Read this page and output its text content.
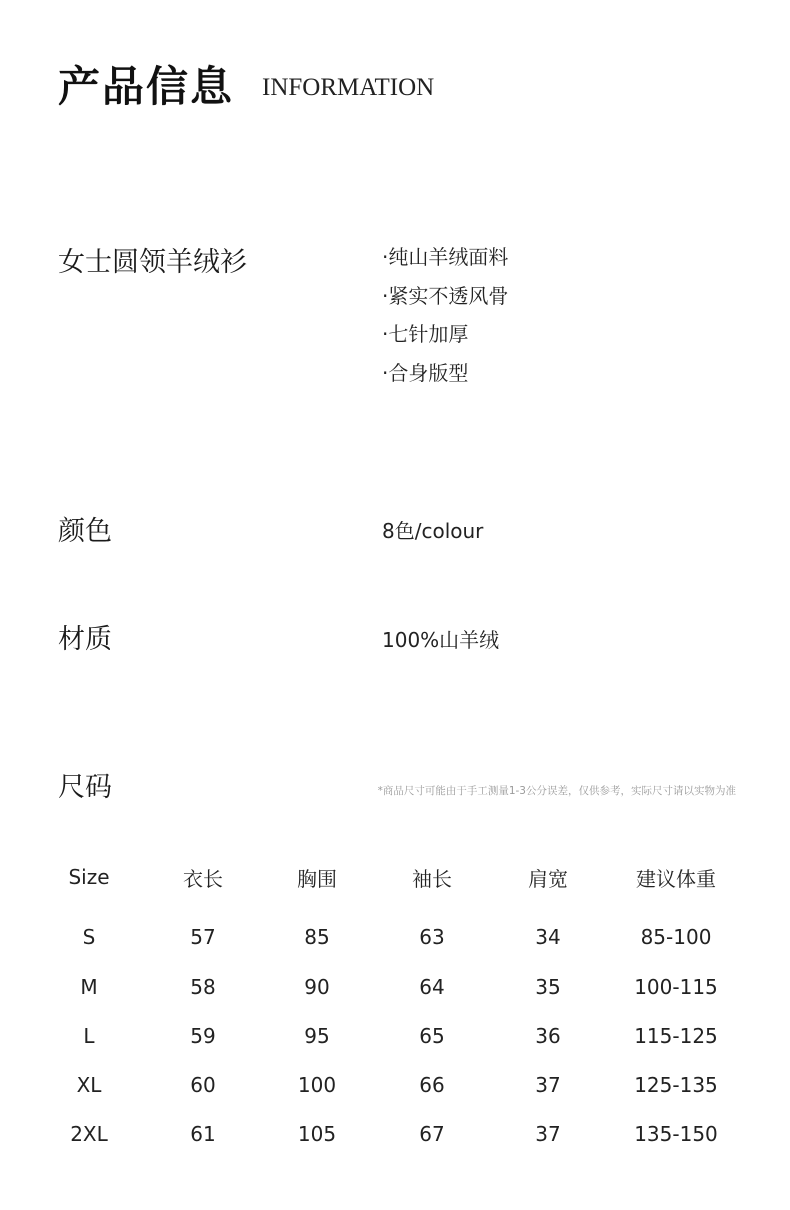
产品信息 INFORMATION
女士圆领羊绒衫	·纯山羊绒面料
·紧实不透风骨
·七针加厚
·合身版型
颜色	8色/colour
材质	100%山羊绒
尺码	*商品尺寸可能由于手工测量1-3公分误差，仅供参考，实际尺寸请以实物为准
Size	衣长	胸围	袖长	肩宽	建议体重
S	57	85	63	34	85-100
M	58	90	64	35	100-115
L	59	95	65	36	115-125
XL	60	100	66	37	125-135
2XL	61	105	67	37	135-150
